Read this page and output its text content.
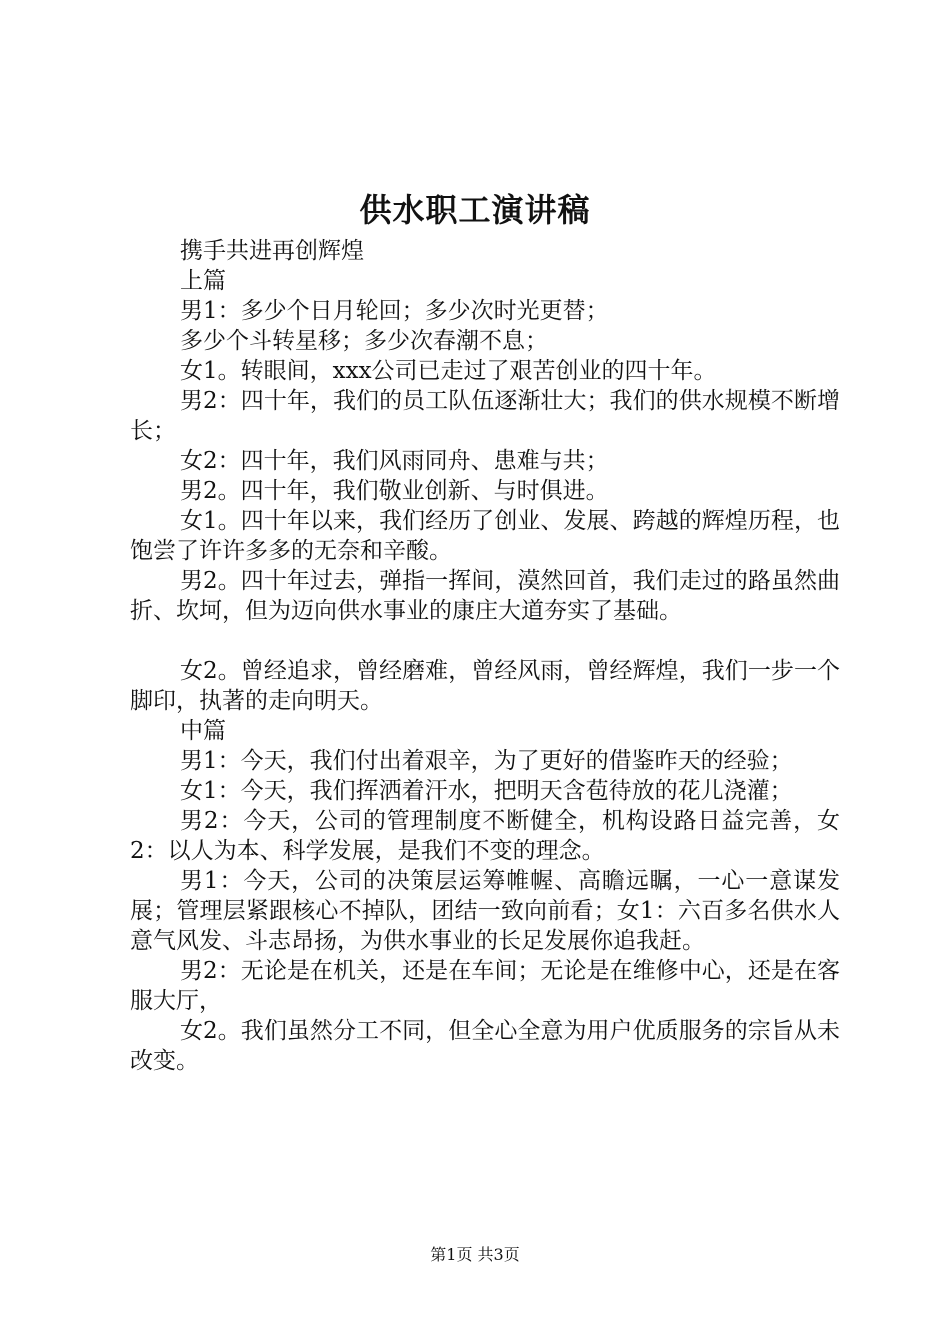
供水职工演讲稿

携手共进再创辉煌

上篇

男1：多少个日月轮回；多少次时光更替；

多少个斗转星移；多少次春潮不息；

女1。转眼间，xxx公司已走过了艰苦创业的四十年。

男2：四十年，我们的员工队伍逐渐壮大；我们的供水规模不断增长；

女2：四十年，我们风雨同舟、患难与共；

男2。四十年，我们敬业创新、与时俱进。

女1。四十年以来，我们经历了创业、发展、跨越的辉煌历程，也饱尝了许许多多的无奈和辛酸。

男2。四十年过去，弹指一挥间，漠然回首，我们走过的路虽然曲折、坎坷，但为迈向供水事业的康庄大道夯实了基础。

女2。曾经追求，曾经磨难，曾经风雨，曾经辉煌，我们一步一个脚印，执著的走向明天。

中篇

男1：今天，我们付出着艰辛，为了更好的借鉴昨天的经验；

女1：今天，我们挥洒着汗水，把明天含苞待放的花儿浇灌；

男2：今天，公司的管理制度不断健全，机构设路日益完善，女2：以人为本、科学发展，是我们不变的理念。

男1：今天，公司的决策层运筹帷幄、高瞻远瞩，一心一意谋发展；管理层紧跟核心不掉队，团结一致向前看；女1：六百多名供水人意气风发、斗志昂扬，为供水事业的长足发展你追我赶。

男2：无论是在机关，还是在车间；无论是在维修中心，还是在客服大厅，

女2。我们虽然分工不同，但全心全意为用户优质服务的宗旨从未改变。

第1页 共3页
